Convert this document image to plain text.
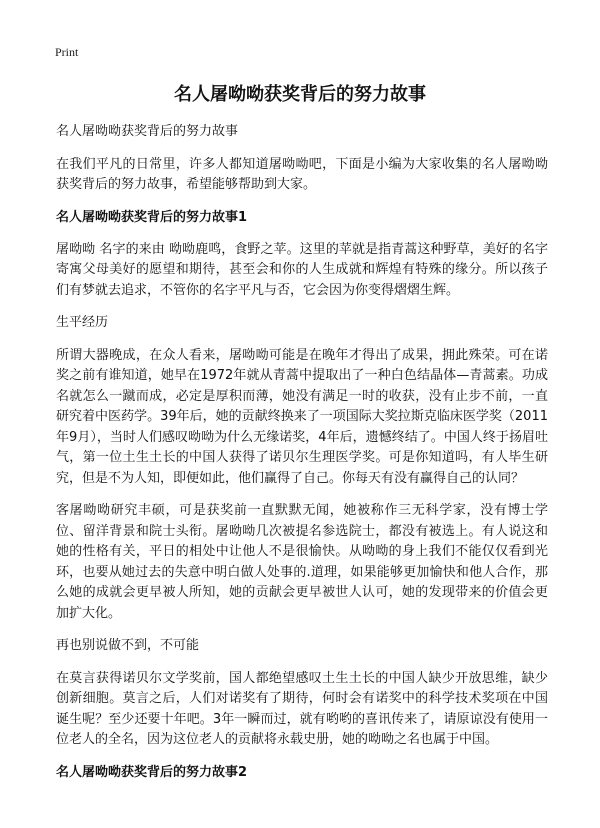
Print
名人屠呦呦获奖背后的努力故事

名人屠呦呦获奖背后的努力故事

在我们平凡的日常里，许多人都知道屠呦呦吧，下面是小编为大家收集的名人屠呦呦获奖背后的努力故事，希望能够帮助到大家。

名人屠呦呦获奖背后的努力故事1

屠呦呦 名字的来由 呦呦鹿鸣，食野之苹。这里的苹就是指青蒿这种野草，美好的名字寄寓父母美好的愿望和期待，甚至会和你的人生成就和辉煌有特殊的缘分。所以孩子们有梦就去追求，不管你的名字平凡与否，它会因为你变得熠熠生辉。

生平经历

所谓大器晚成，在众人看来，屠呦呦可能是在晚年才得出了成果，拥此殊荣。可在诺奖之前有谁知道，她早在1972年就从青蒿中提取出了一种白色结晶体—青蒿素。功成名就怎么一蹴而成，必定是厚积而薄，她没有满足一时的收获，没有止步不前，一直研究着中医药学。39年后，她的贡献终换来了一项国际大奖拉斯克临床医学奖（2011年9月），当时人们感叹呦呦为什么无缘诺奖，4年后，遗憾终结了。中国人终于扬眉吐气，第一位土生土长的中国人获得了诺贝尔生理医学奖。可是你知道吗，有人毕生研究，但是不为人知，即便如此，他们赢得了自己。你每天有没有赢得自己的认同？

客屠呦呦研究丰硕，可是获奖前一直默默无闻，她被称作三无科学家，没有博士学位、留洋背景和院士头衔。屠呦呦几次被提名参选院士，都没有被选上。有人说这和她的性格有关，平日的相处中让他人不是很愉快。从呦呦的身上我们不能仅仅看到光环，也要从她过去的失意中明白做人处事的.道理，如果能够更加愉快和他人合作，那么她的成就会更早被人所知，她的贡献会更早被世人认可，她的发现带来的价值会更加扩大化。

再也别说做不到，不可能

在莫言获得诺贝尔文学奖前，国人都绝望感叹土生土长的中国人缺少开放思维，缺少创新细胞。莫言之后，人们对诺奖有了期待，何时会有诺奖中的科学技术奖项在中国诞生呢？至少还要十年吧。3年一瞬而过，就有哟哟的喜讯传来了，请原谅没有使用一位老人的全名，因为这位老人的贡献将永载史册，她的呦呦之名也属于中国。

名人屠呦呦获奖背后的努力故事2
